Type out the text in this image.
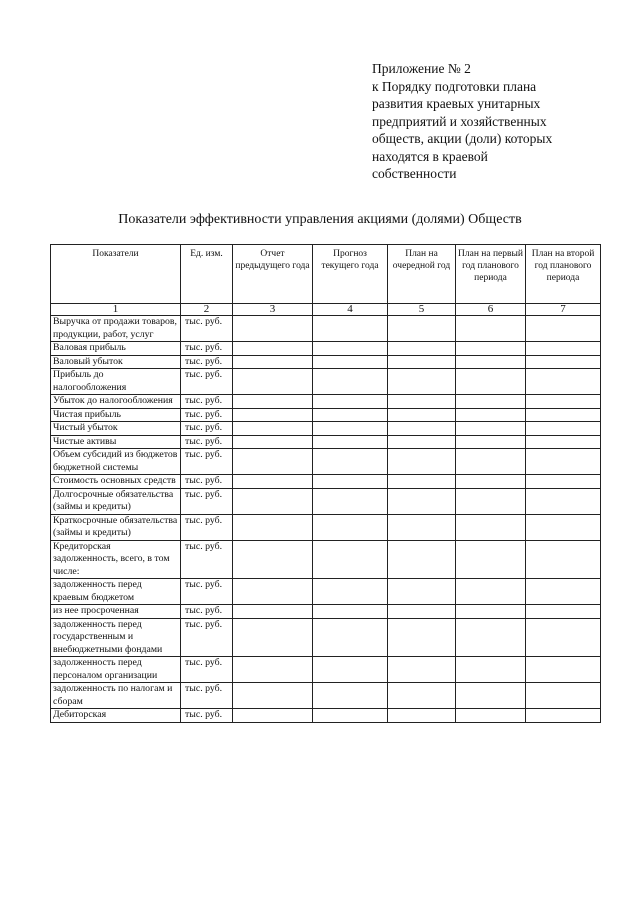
Приложение № 2
к Порядку подготовки плана
развития краевых унитарных
предприятий и хозяйственных
обществ, акции (доли) которых
находятся в краевой
собственности
Показатели эффективности управления акциями (долями) Обществ
Показатели	Ед. изм.	Отчет предыдущего года	Прогноз текущего года	План на очередной год	План на первый год планового периода	План на второй год планового периода
1	2	3	4	5	6	7
Выручка от продажи товаров, продукции, работ, услуг	тыс. руб.					
Валовая прибыль	тыс. руб.					
Валовый убыток	тыс. руб.					
Прибыль до налогообложения	тыс. руб.					
Убыток до налогообложения	тыс. руб.					
Чистая прибыль	тыс. руб.					
Чистый убыток	тыс. руб.					
Чистые активы	тыс. руб.					
Объем субсидий из бюджетов бюджетной системы	тыс. руб.					
Стоимость основных средств	тыс. руб.					
Долгосрочные обязательства (займы и кредиты)	тыс. руб.					
Краткосрочные обязательства (займы и кредиты)	тыс. руб.					
Кредиторская задолженность, всего, в том числе:	тыс. руб.					
задолженность перед краевым бюджетом	тыс. руб.					
из нее просроченная	тыс. руб.					
задолженность перед государственным и внебюджетными фондами	тыс. руб.					
задолженность перед персоналом организации	тыс. руб.					
задолженность по налогам и сборам	тыс. руб.					
Дебиторская	тыс. руб.					
